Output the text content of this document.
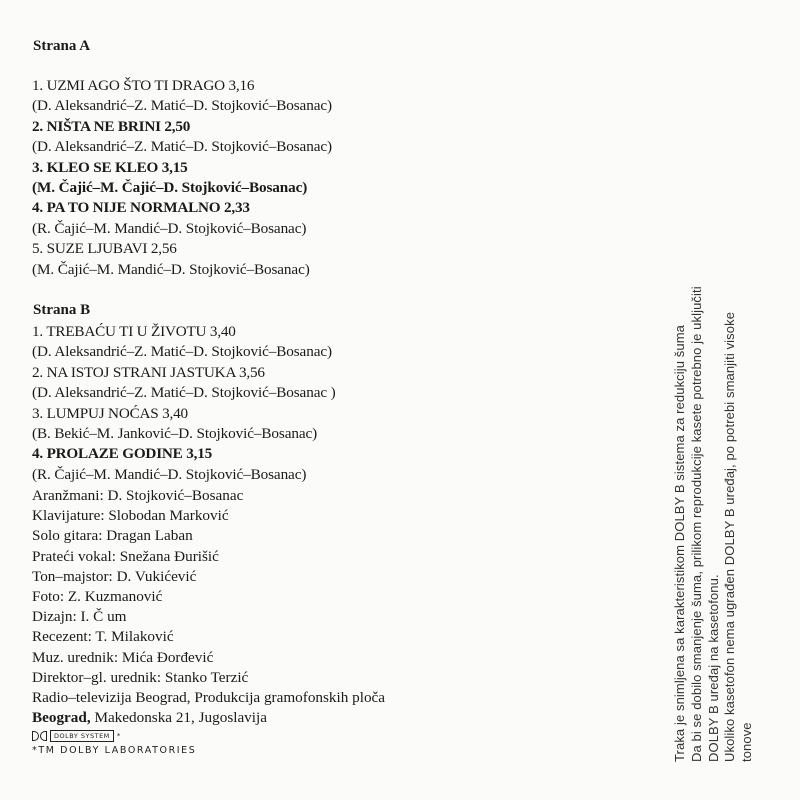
Strana A
1. UZMI AGO ŠTO TI DRAGO 3,16
(D. Aleksandrić–Z. Matić–D. Stojković–Bosanac)
2. NIŠTA NE BRINI 2,50
(D. Aleksandrić–Z. Matić–D. Stojković–Bosanac)
3. KLEO SE KLEO 3,15
(M. Čajić–M. Čajić–D. Stojković–Bosanac)
4. PA TO NIJE NORMALNO 2,33
(R. Čajić–M. Mandić–D. Stojković–Bosanac)
5. SUZE LJUBAVI 2,56
(M. Čajić–M. Mandić–D. Stojković–Bosanac)
Strana B
1. TREBAĆU TI U ŽIVOTU 3,40
(D. Aleksandrić–Z. Matić–D. Stojković–Bosanac)
2. NA ISTOJ STRANI JASTUKA 3,56
(D. Aleksandrić–Z. Matić–D. Stojković–Bosanac )
3. LUMPUJ NOĆAS 3,40
(B. Bekić–M. Janković–D. Stojković–Bosanac)
4. PROLAZE GODINE 3,15
(R. Čajić–M. Mandić–D. Stojković–Bosanac)
Aranžmani: D. Stojković–Bosanac
Klavijature: Slobodan Marković
Solo gitara: Dragan Laban
Prateći vokal: Snežana Đurišić
Ton–majstor: D. Vukićević
Foto: Z. Kuzmanović
Dizajn: I. Č um
Recezent: T. Milaković
Muz. urednik: Mića Đorđević
Direktor–gl. urednik: Stanko Terzić
Radio–televizija Beograd, Produkcija gramofonskih ploča
Beograd, Makedonska 21, Jugoslavija
DOLBY SYSTEM	*
*TM DOLBY LABORATORIES	Traka je snimljena sa karakteristikom DOLBY B sistema za redukciju šuma Da bi se dobilo smanjenje šuma, prilikom reprodukcije kasete potrebno je uključiti DOLBY B uređaj na kasetofonu. Ukoliko kasetofon nema ugrađen DOLBY B uređaj, po potrebi smanjiti visoke tonove
